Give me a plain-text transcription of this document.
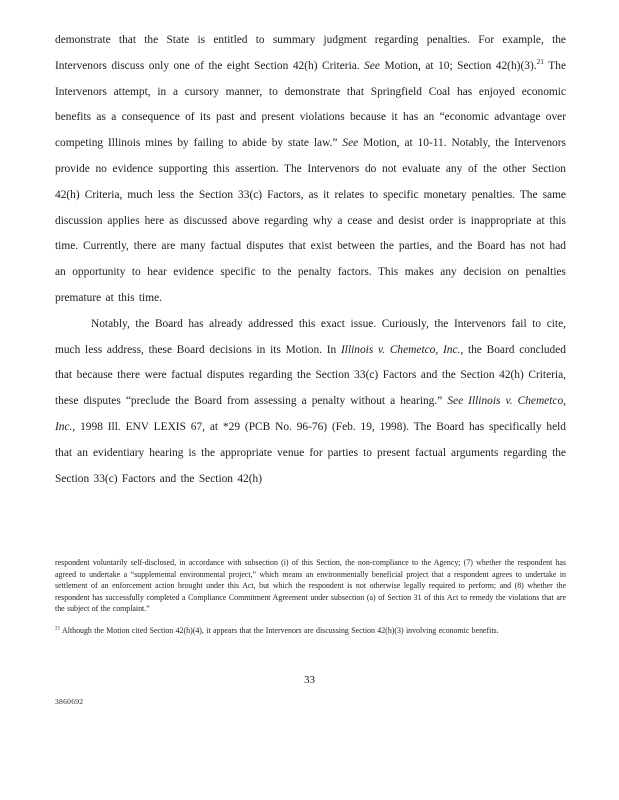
demonstrate that the State is entitled to summary judgment regarding penalties. For example, the Intervenors discuss only one of the eight Section 42(h) Criteria. See Motion, at 10; Section 42(h)(3).$^{21}$ The Intervenors attempt, in a cursory manner, to demonstrate that Springfield Coal has enjoyed economic benefits as a consequence of its past and present violations because it has an “economic advantage over competing Illinois mines by failing to abide by state law.” See Motion, at 10-11. Notably, the Intervenors provide no evidence supporting this assertion. The Intervenors do not evaluate any of the other Section 42(h) Criteria, much less the Section 33(c) Factors, as it relates to specific monetary penalties. The same discussion applies here as discussed above regarding why a cease and desist order is inappropriate at this time. Currently, there are many factual disputes that exist between the parties, and the Board has not had an opportunity to hear evidence specific to the penalty factors. This makes any decision on penalties premature at this time.

Notably, the Board has already addressed this exact issue. Curiously, the Intervenors fail to cite, much less address, these Board decisions in its Motion. In Illinois v. Chemetco, Inc., the Board concluded that because there were factual disputes regarding the Section 33(c) Factors and the Section 42(h) Criteria, these disputes “preclude the Board from assessing a penalty without a hearing.” See Illinois v. Chemetco, Inc., 1998 Ill. ENV LEXIS 67, at *29 (PCB No. 96-76) (Feb. 19, 1998). The Board has specifically held that an evidentiary hearing is the appropriate venue for parties to present factual arguments regarding the Section 33(c) Factors and the Section 42(h)

respondent voluntarily self-disclosed, in accordance with subsection (i) of this Section, the non-compliance to the Agency; (7) whether the respondent has agreed to undertake a “supplemental environmental project,” which means an environmentally beneficial project that a respondent agrees to undertake in settlement of an enforcement action brought under this Act, but which the respondent is not otherwise legally required to perform; and (8) whether the respondent has successfully completed a Compliance Commitment Agreement under subsection (a) of Section 31 of this Act to remedy the violations that are the subject of the complaint.”

$^{21}$ Although the Motion cited Section 42(h)(4), it appears that the Intervenors are discussing Section 42(h)(3) involving economic benefits.

33
3860692
